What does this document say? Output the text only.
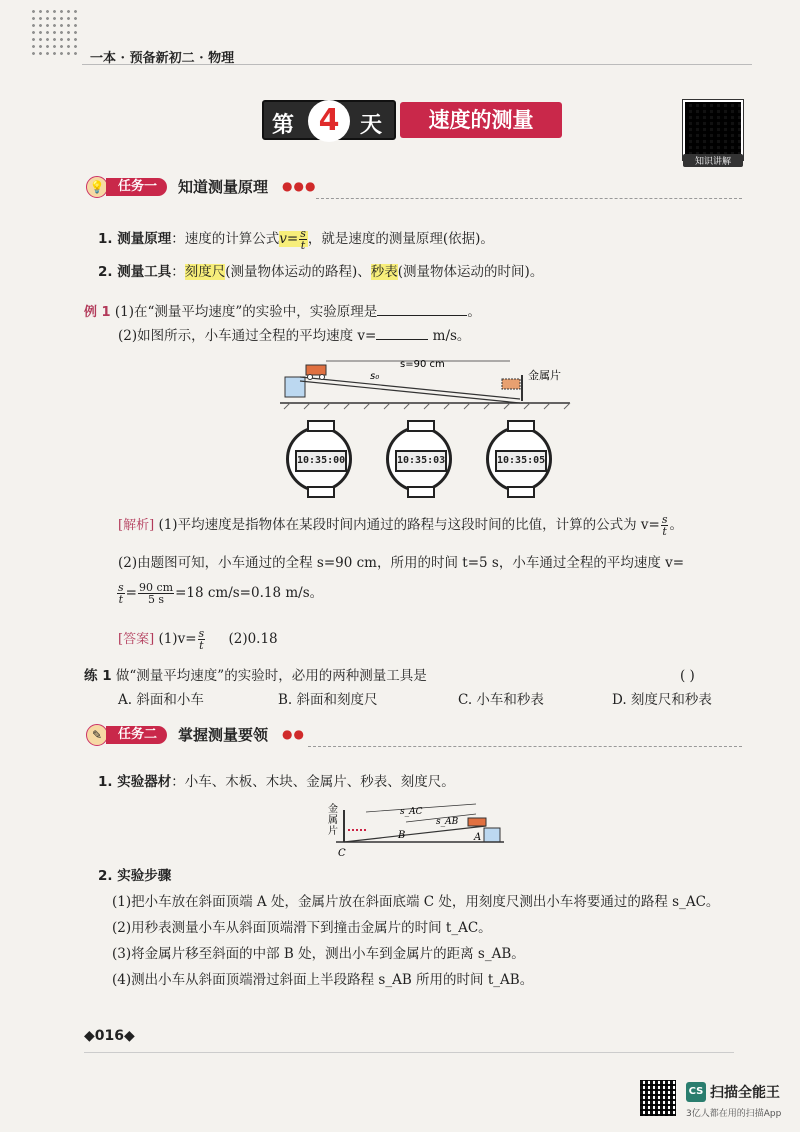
一本 · 预备新初二 · 物理
第 4 天	速度的测量
知识讲解
💡	任务一	知道测量原理 ●●●
1. 测量原理：速度的计算公式$v= \frac{s}{t}$ ，就是速度的测量原理(依据)。
2. 测量工具：刻度尺(测量物体运动的路程)、秒表(测量物体运动的时间)。
例 1 (1)在“测量平均速度”的实验中，实验原理是	。
(2)如图所示，小车通过全程的平均速度 v=	m/s。
s=90 cm
s₀	金属片
10:35:00	10:35:03	10:35:05
[解析] (1)平均速度是指物体在某段时间内通过的路程与这段时间的比值，计算的公式为 $v= \frac{s}{t}$ 。
(2)由题图可知，小车通过的全程 s=90 cm，所用的时间 t=5 s，小车通过全程的平均速度 v=
$\frac{s}{t} = \frac{90 cm}{5 s} =18$ cm/s=0.18 m/s。
[答案] $(1)v= \frac{s}{t} (2)0.18$
练 1 做“测量平均速度”的实验时，必用的两种测量工具是	( )
A. 斜面和小车	B. 斜面和刻度尺	C. 小车和秒表	D. 刻度尺和秒表
✎	任务二	掌握测量要领 ●●
1. 实验器材：小车、木板、木块、金属片、秒表、刻度尺。
金属片
s_AC
s_AB
B	A
C
2. 实验步骤
(1)把小车放在斜面顶端 A 处，金属片放在斜面底端 C 处，用刻度尺测出小车将要通过的路程 s_AC。
(2)用秒表测量小车从斜面顶端滑下到撞击金属片的时间 t_AC。
(3)将金属片移至斜面的中部 B 处，测出小车到金属片的距离 s_AB。
(4)测出小车从斜面顶端滑过斜面上半段路程 s_AB 所用的时间 t_AB。
◆016◆
CS 扫描全能王
3亿人都在用的扫描App
